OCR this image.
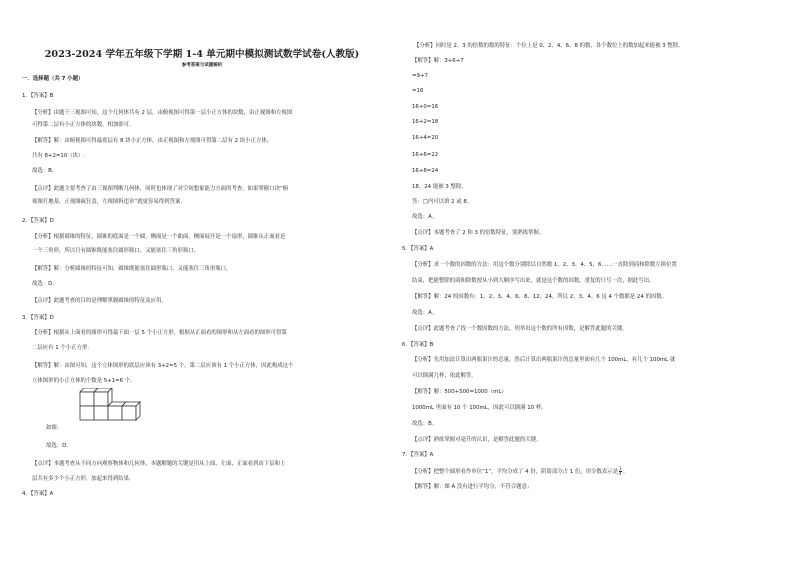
2023-2024 学年五年级下学期 1-4 单元期中模拟测试数学试卷(人教版)
参考答案与试题解析
一．选择题（共 7 小题）
1．【答案】B
【分析】由题干三视图可知，这个几何体共有 2 层，由俯视图可得第一层小正方体的块数，由正视图和左视图
可得第二层有小正方体的块数，相加即可.
【解答】解：由俯视图可得最底层有 8 块小正方体，由正视图和左视图可得第二层有 2 块小正方体，
共有 8+2=10（块）.
故选：B.
【点评】此题主要考查了由三视图判断几何体，同时也体现了对空间想象能力方面的考查。如果掌握口诀“俯
视图打地基，正视图疯狂盖，左视图拆违章”就更容易得到答案.
2．【答案】D
【分析】根据圆锥的特征，圆锥的底面是一个圆，侧面是一个曲面，侧面展开是一个扇形，圆锥从正面看是
一个三角形，所以只有圆锥既能塞住圆形瓶口，又能塞住三角形瓶口。
【解答】解：分析圆锥的特征可知，圆锥既能塞住圆形瓶口，又能塞住三角形瓶口。
故选：D。
【点评】此题考查的目的是理解掌握圆锥的特征及应用。
3．【答案】D
【分析】根据从上面看的图形可得最下面一层 5 个小正方形，根据从正面看的图形和从左面看的图形可得第
二层应有 1 个小正方形.
【解答】解：由图可知，这个立体图形的底层应该有 3+2=5 个，第二层应该有 1 个小正方体，因此构成这个
立体图形的小正方体的个数是 5+1=6 个.
如图：
故选：D．
【点评】本题考查从不同方向观察物体和几何体，本题解题的关键是用从上面、左面、正面看到由下层和上
层共有多少个小正方形，加起来得到结果.
4．【答案】A
【分析】同时是 2、3 的倍数的数的特征：个位上是 0、2、4、6、8 的数，各个数位上的数加起来能被 3 整除。
【解答】解：3+6+7
=9+7
=16
16+0=16
16+2=18
16+4=20
16+6=22
16+8=24
18、24 能被 3 整除。
答：□内可以填 2 或 8。
故选：A。
【点评】本题考查了 2 和 3 的倍数特征，要熟练掌握。
5．【答案】A
【分析】求一个数的因数的方法：用这个数分别除以自然数 1、2、3、4、5、6……一直除到商和除数互换位置
结束，把能整除的商和除数按从小到大顺序写出来，就是这个数的因数，重复的只写一次，据此写出。
【解答】解：24 的因数有：1、2、3、4、6、8、12、24，所以 2、3、4、6 这 4 个数都是 24 的因数。
故选：A。
【点评】此题考查了找一个数因数的方法，列举出这个数的所有因数，是解答此题的关键。
6．【答案】B
【分析】先用加法计算出两瓶果汁的总量，然后计算出两瓶果汁的总量里面有几个 100mL，有几个 100mL 就
可以倒满几杯，依此解答。
【解答】解：500+500=1000（mL）
1000mL 里面有 10 个 100mL，因此可以倒满 10 杯。
故选：B。
【点评】熟练掌握对毫升的认识，是解答此题的关键。
7．【答案】A
【分析】把整个圆形看作单位“1”，平均分成了 4 份，阴影部分占 1 份，用分数表示是 $\frac{1}{4}$ 。
【解答】解：图 A 没有进行平均分，不符合题意；
